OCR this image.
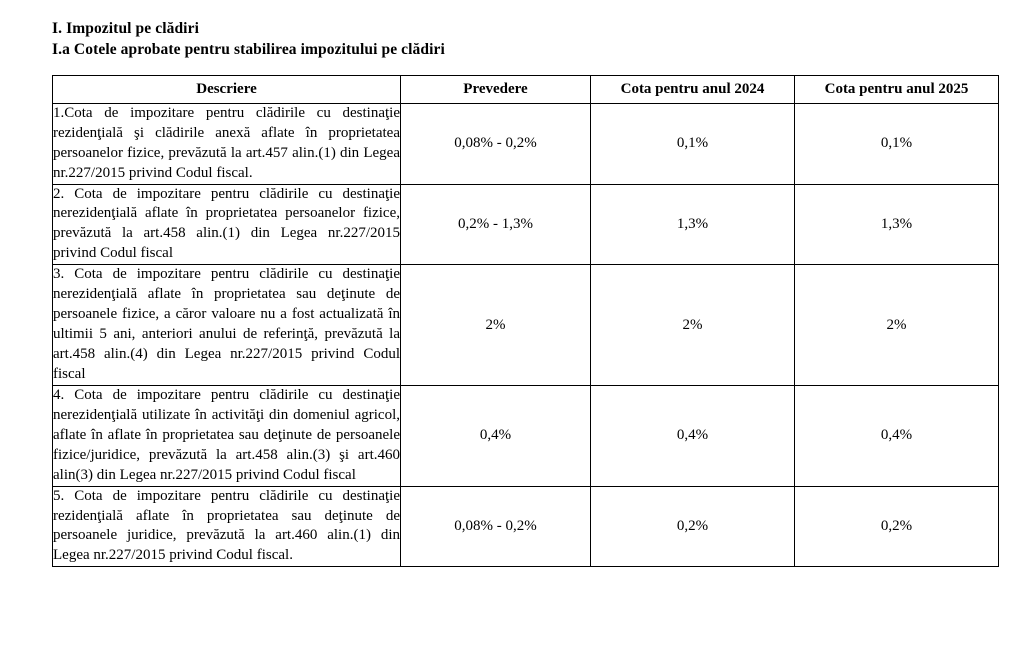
I. Impozitul pe clădiri
I.a Cotele aprobate pentru stabilirea impozitului pe clădiri
Descriere	Prevedere	Cota pentru anul 2024	Cota pentru anul 2025
1.Cota de impozitare pentru clădirile cu destinaţie rezidenţială şi clădirile anexă aflate în proprietatea persoanelor fizice, prevăzută la art.457 alin.(1) din Legea nr.227/2015 privind Codul fiscal.	0,08% - 0,2%	0,1%	0,1%
2. Cota de impozitare pentru clădirile cu destinaţie nerezidenţială aflate în proprietatea persoanelor fizice, prevăzută la art.458 alin.(1) din Legea nr.227/2015 privind Codul fiscal	0,2% - 1,3%	1,3%	1,3%
3. Cota de impozitare pentru clădirile cu destinaţie nerezidenţială aflate în proprietatea sau deţinute de persoanele fizice, a căror valoare nu a fost actualizată în ultimii 5 ani, anteriori anului de referinţă, prevăzută la art.458 alin.(4) din Legea nr.227/2015 privind Codul fiscal	2%	2%	2%
4. Cota de impozitare pentru clădirile cu destinaţie nerezidenţială utilizate în activităţi din domeniul agricol, aflate în aflate în proprietatea sau deţinute de persoanele fizice/juridice, prevăzută la art.458 alin.(3) şi art.460 alin(3) din Legea nr.227/2015 privind Codul fiscal	0,4%	0,4%	0,4%
5. Cota de impozitare pentru clădirile cu destinaţie rezidenţială aflate în proprietatea sau deţinute de persoanele juridice, prevăzută la art.460 alin.(1) din Legea nr.227/2015 privind Codul fiscal.	0,08% - 0,2%	0,2%	0,2%
